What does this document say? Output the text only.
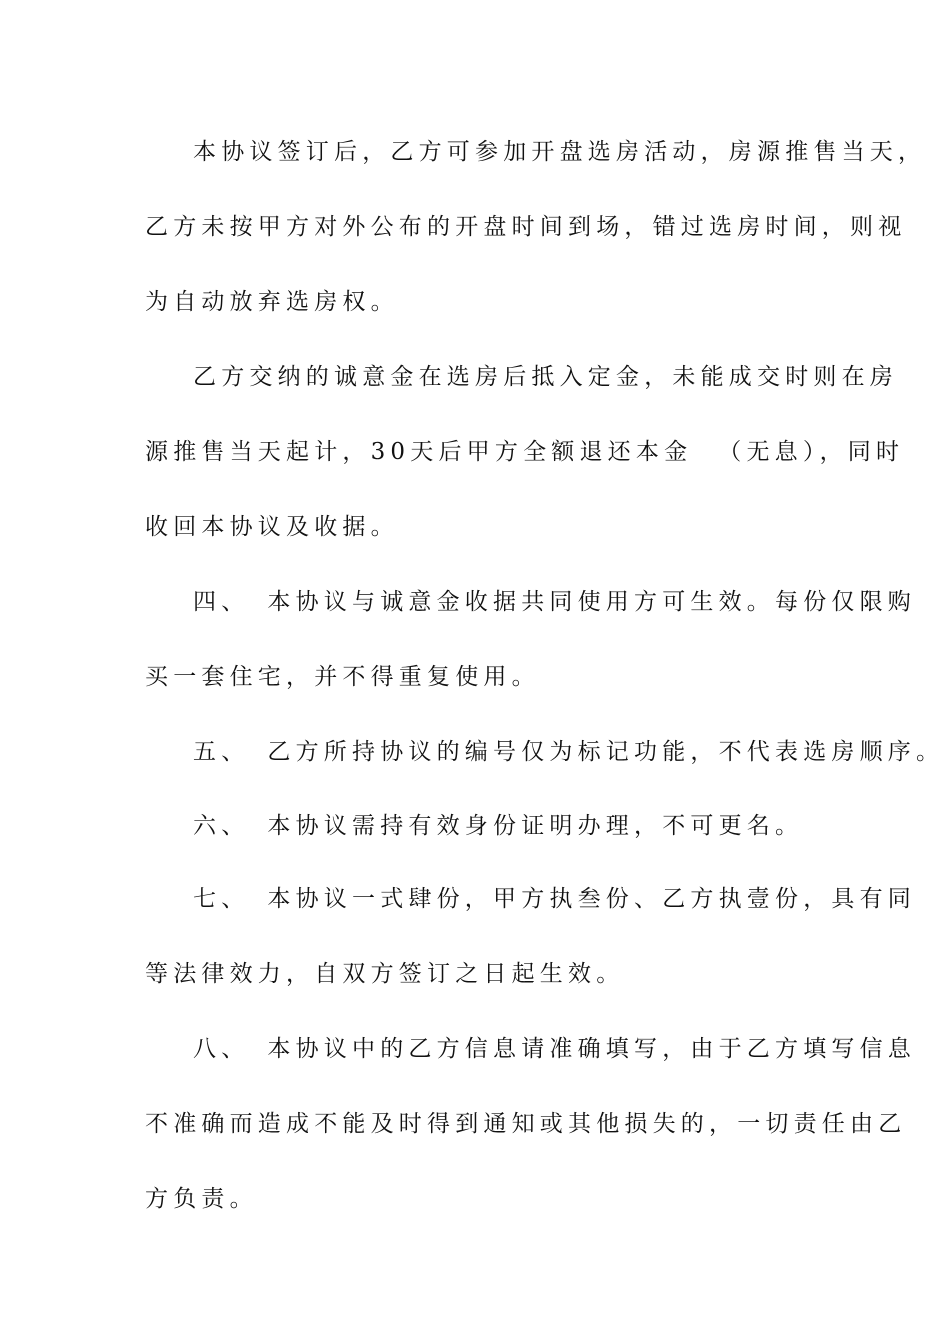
本协议签订后，乙方可参加开盘选房活动，房源推售当天，
乙方未按甲方对外公布的开盘时间到场，错过选房时间，则视
为自动放弃选房权。
乙方交纳的诚意金在选房后抵入定金，未能成交时则在房
源推售当天起计，30天后甲方全额退还本金 （无息），同时
收回本协议及收据。
四、 本协议与诚意金收据共同使用方可生效。每份仅限购
买一套住宅，并不得重复使用。
五、 乙方所持协议的编号仅为标记功能，不代表选房顺序。
六、 本协议需持有效身份证明办理，不可更名。
七、 本协议一式肆份，甲方执叁份、乙方执壹份，具有同
等法律效力，自双方签订之日起生效。
八、 本协议中的乙方信息请准确填写，由于乙方填写信息
不准确而造成不能及时得到通知或其他损失的，一切责任由乙
方负责。
